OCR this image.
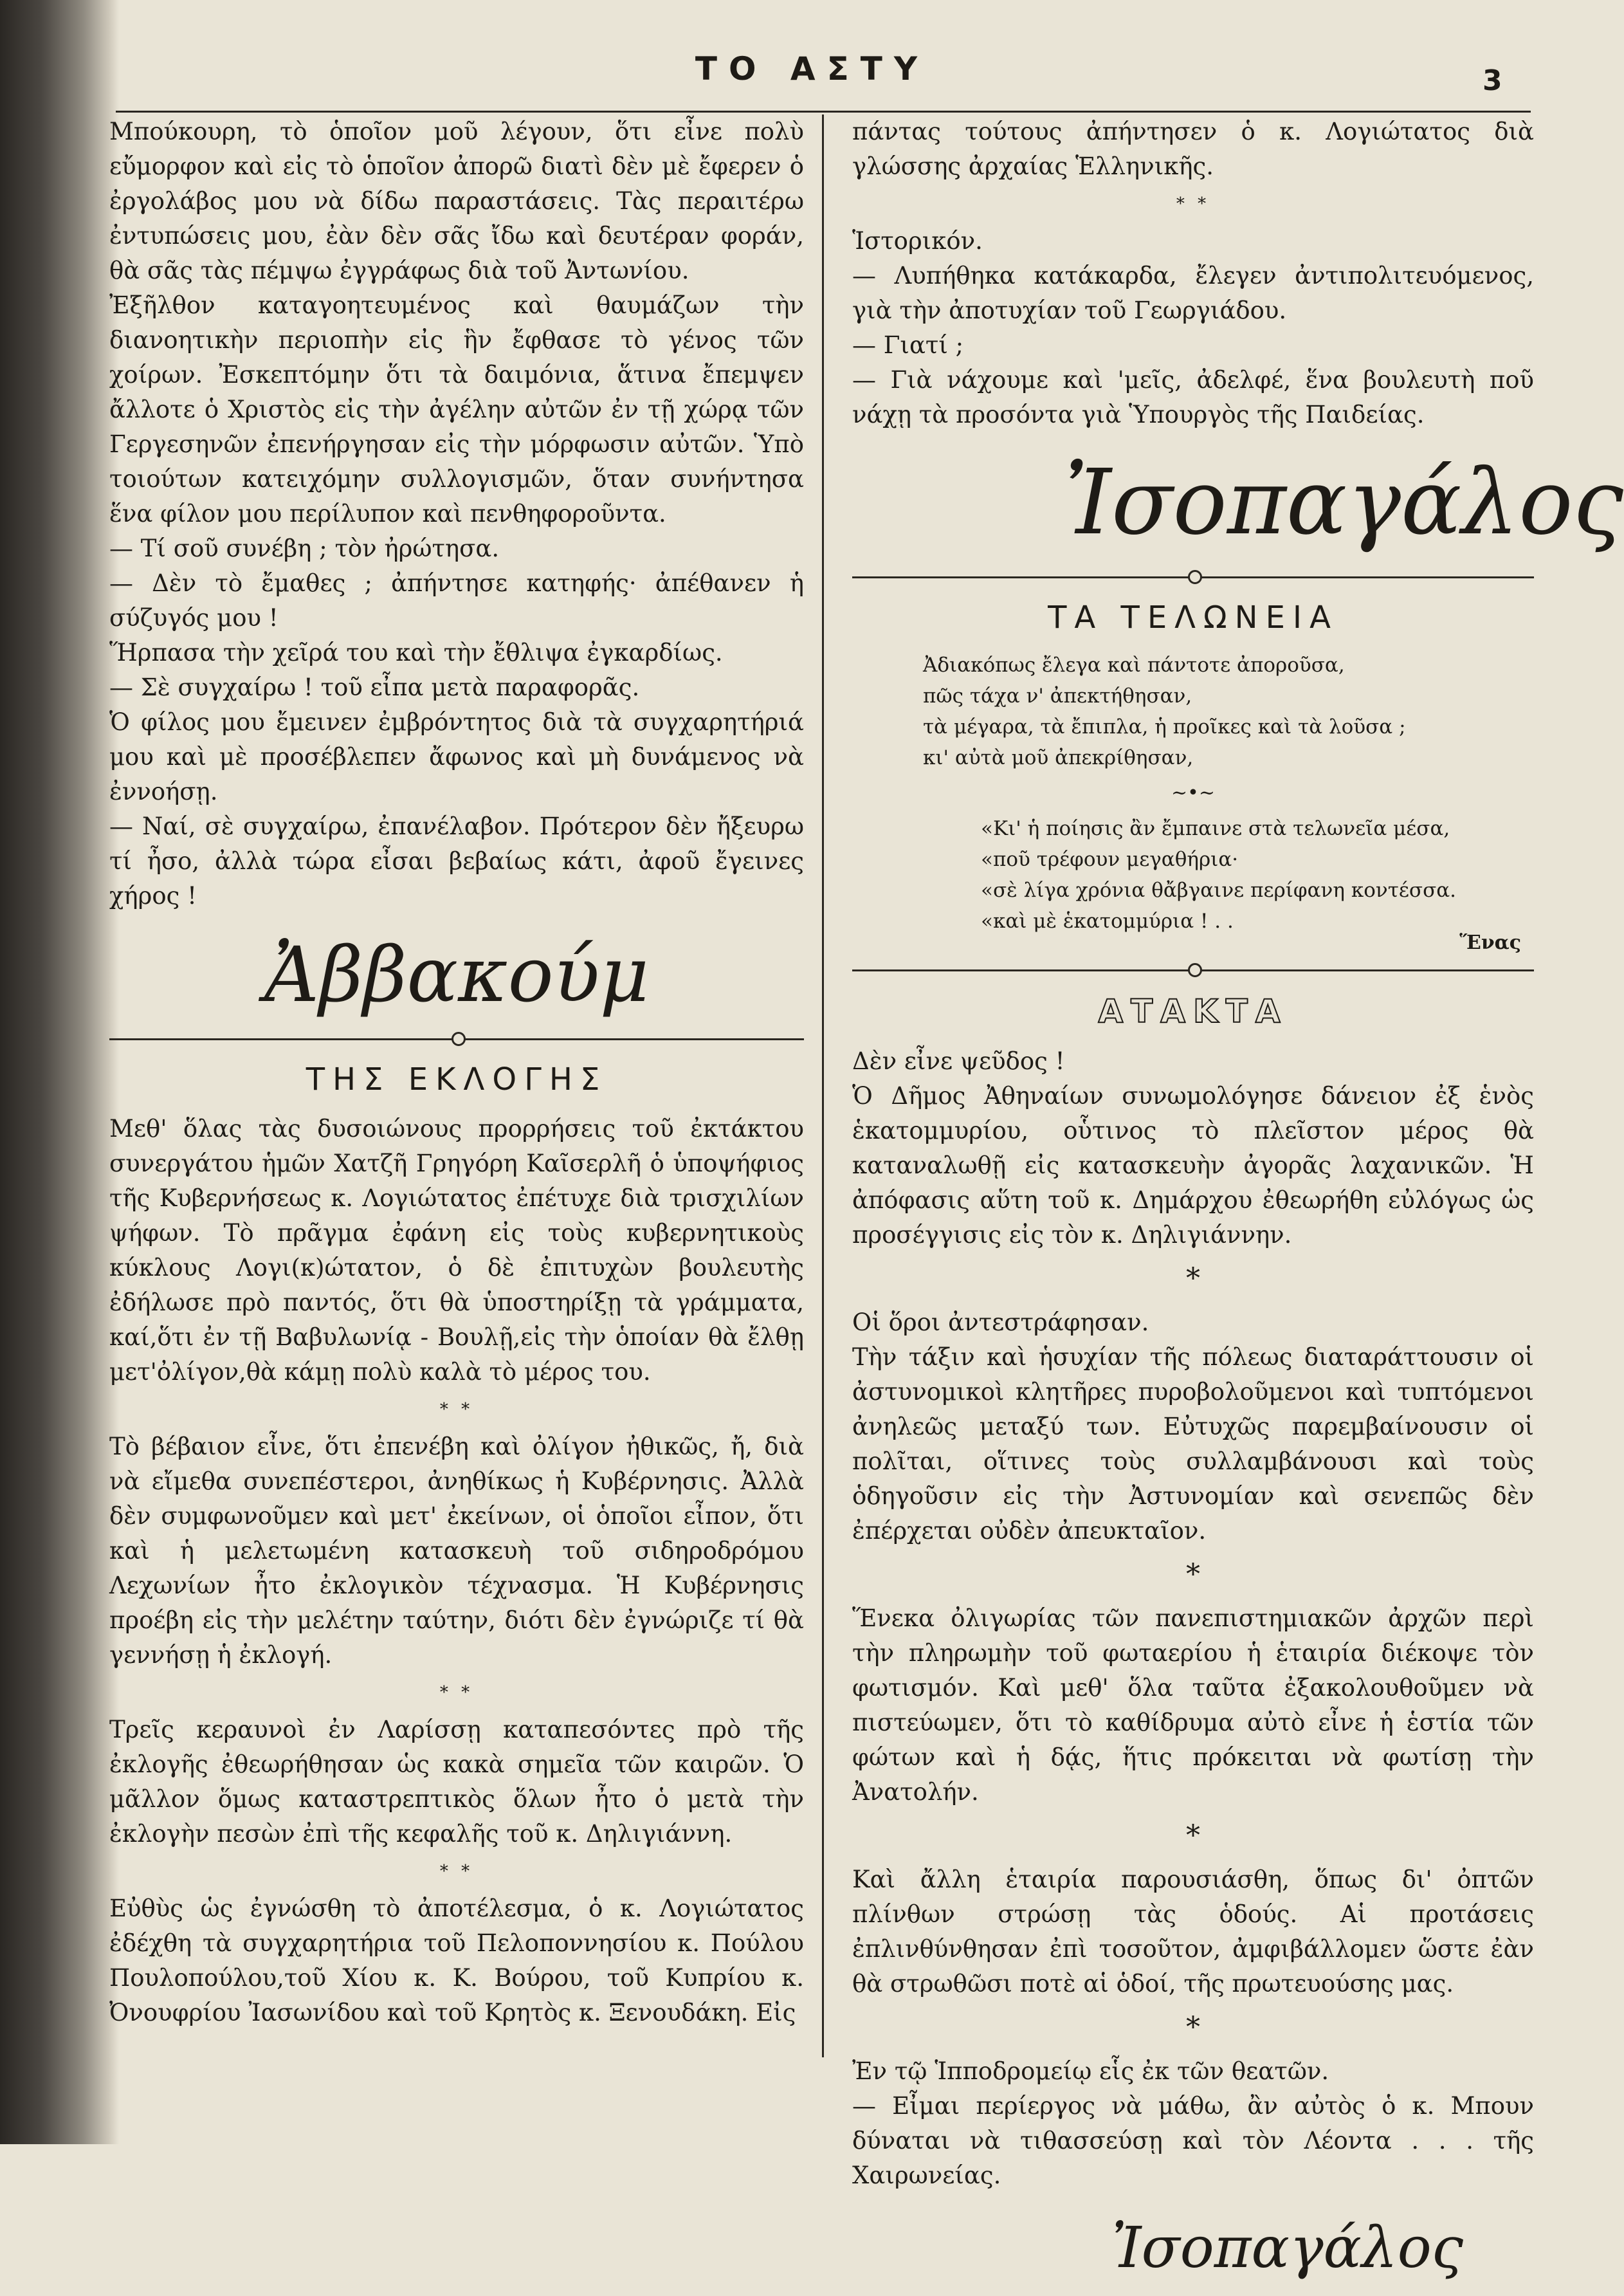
ΤΟ ΑΣΤΥ	3

Μπούκουρη, τὸ ὁποῖον μοῦ λέγουν, ὅτι εἶνε πολὺ εὔμορφον καὶ εἰς τὸ ὁποῖον ἀπορῶ διατὶ δὲν μὲ ἔφερεν ὁ ἐργολάβος μου νὰ δίδω παραστάσεις. Τὰς περαιτέρω ἐντυπώσεις μου, ἐὰν δὲν σᾶς ἴδω καὶ δευτέραν φοράν, θὰ σᾶς τὰς πέμψω ἐγγράφως διὰ τοῦ Ἀντωνίου.

Ἐξῆλθον καταγοητευμένος καὶ θαυμάζων τὴν διανοητικὴν περιοπὴν εἰς ἣν ἔφθασε τὸ γένος τῶν χοίρων. Ἐσκεπτόμην ὅτι τὰ δαιμόνια, ἅτινα ἔπεμψεν ἄλλοτε ὁ Χριστὸς εἰς τὴν ἀγέλην αὐτῶν ἐν τῇ χώρᾳ τῶν Γεργεσηνῶν ἐπενήργησαν εἰς τὴν μόρφωσιν αὐτῶν. Ὑπὸ τοιούτων κατειχόμην συλλογισμῶν, ὅταν συνήντησα ἕνα φίλον μου περίλυπον καὶ πενθηφοροῦντα.

— Τί σοῦ συνέβη ; τὸν ἠρώτησα.

— Δὲν τὸ ἔμαθες ; ἀπήντησε κατηφής· ἀπέθανεν ἡ σύζυγός μου !

Ἥρπασα τὴν χεῖρά του καὶ τὴν ἔθλιψα ἐγκαρδίως.

— Σὲ συγχαίρω ! τοῦ εἶπα μετὰ παραφορᾶς.

Ὁ φίλος μου ἔμεινεν ἐμβρόντητος διὰ τὰ συγχαρητήριά μου καὶ μὲ προσέβλεπεν ἄφωνος καὶ μὴ δυνάμενος νὰ ἐννοήσῃ.

— Ναί, σὲ συγχαίρω, ἐπανέλαβον. Πρότερον δὲν ἤξευρω τί ἦσο, ἀλλὰ τώρα εἶσαι βεβαίως κάτι, ἀφοῦ ἔγεινες χήρος !

Ἀββακούμ
ΤΗΣ ΕΚΛΟΓΗΣ

Μεθ' ὅλας τὰς δυσοιώνους προρρήσεις τοῦ ἐκτάκτου συνεργάτου ἡμῶν Χατζῆ Γρηγόρη Καῖσερλῆ ὁ ὑποψήφιος τῆς Κυβερνήσεως κ. Λογιώτατος ἐπέτυχε διὰ τρισχιλίων ψήφων. Τὸ πρᾶγμα ἐφάνη εἰς τοὺς κυβερνητικοὺς κύκλους Λογι(κ)ώτατον, ὁ δὲ ἐπιτυχὼν βουλευτὴς ἐδήλωσε πρὸ παντός, ὅτι θὰ ὑποστηρίξῃ τὰ γράμματα, καί,ὅτι ἐν τῇ Βαβυλωνίᾳ - Βουλῇ,εἰς τὴν ὁποίαν θὰ ἔλθῃ μετ'ὀλίγον,θὰ κάμῃ πολὺ καλὰ τὸ μέρος του.

* *

Τὸ βέβαιον εἶνε, ὅτι ἐπενέβη καὶ ὀλίγον ἠθικῶς, ἤ, διὰ νὰ εἴμεθα συνεπέστεροι, ἀνηθίκως ἡ Κυβέρνησις. Ἀλλὰ δὲν συμφωνοῦμεν καὶ μετ' ἐκείνων, οἱ ὁποῖοι εἶπον, ὅτι καὶ ἡ μελετωμένη κατασκευὴ τοῦ σιδηροδρόμου Λεχωνίων ἦτο ἐκλογικὸν τέχνασμα. Ἡ Κυβέρνησις προέβη εἰς τὴν μελέτην ταύτην, διότι δὲν ἐγνώριζε τί θὰ γεννήσῃ ἡ ἐκλογή.

* *

Τρεῖς κεραυνοὶ ἐν Λαρίσσῃ καταπεσόντες πρὸ τῆς ἐκλογῆς ἐθεωρήθησαν ὡς κακὰ σημεῖα τῶν καιρῶν. Ὁ μᾶλλον ὅμως καταστρεπτικὸς ὅλων ἦτο ὁ μετὰ τὴν ἐκλογὴν πεσὼν ἐπὶ τῆς κεφαλῆς τοῦ κ. Δηλιγιάννη.

* *

Εὐθὺς ὡς ἐγνώσθη τὸ ἀποτέλεσμα, ὁ κ. Λογιώτατος ἐδέχθη τὰ συγχαρητήρια τοῦ Πελοποννησίου κ. Πούλου Πουλοπούλου,τοῦ Χίου κ. Κ. Βούρου, τοῦ Κυπρίου κ. Ὀνουφρίου Ἰασωνίδου καὶ τοῦ Κρητὸς κ. Ξενουδάκη. Εἰς

πάντας τούτους ἀπήντησεν ὁ κ. Λογιώτατος διὰ γλώσσης ἀρχαίας Ἑλληνικῆς.

* *

Ἱστορικόν.

— Λυπήθηκα κατάκαρδα, ἔλεγεν ἀντιπολιτευόμενος, γιὰ τὴν ἀποτυχίαν τοῦ Γεωργιάδου.

— Γιατί ;

— Γιὰ νάχουμε καὶ 'μεῖς, ἀδελφέ, ἕνα βουλευτὴ ποῦ νάχῃ τὰ προσόντα γιὰ Ὑπουργὸς τῆς Παιδείας.

Ἰσοπαγάλος
ΤΑ ΤΕΛΩΝΕΙΑ

Ἀδιακόπως ἔλεγα καὶ πάντοτε ἀποροῦσα,
πῶς τάχα ν' ἀπεκτήθησαν,
τὰ μέγαρα, τὰ ἔπιπλα, ἡ προῖκες καὶ τὰ λοῦσα ;
κι' αὐτὰ μοῦ ἀπεκρίθησαν,

~•~

«Κι' ἡ ποίησις ἂν ἔμπαινε στὰ τελωνεῖα μέσα,
«ποῦ τρέφουν μεγαθήρια·
«σὲ λίγα χρόνια θἄβγαινε περίφανη κοντέσσα.
«καὶ μὲ ἑκατομμύρια ! . .

Ἕνας
ΑΤΑΚΤΑ

Δὲν εἶνε ψεῦδος !

Ὁ Δῆμος Ἀθηναίων συνωμολόγησε δάνειον ἐξ ἑνὸς ἑκατομμυρίου, οὗτινος τὸ πλεῖστον μέρος θὰ καταναλωθῇ εἰς κατασκευὴν ἀγορᾶς λαχανικῶν. Ἡ ἀπόφασις αὕτη τοῦ κ. Δημάρχου ἐθεωρήθη εὐλόγως ὡς προσέγγισις εἰς τὸν κ. Δηλιγιάννην.

*

Οἱ ὅροι ἀντεστράφησαν.

Τὴν τάξιν καὶ ἡσυχίαν τῆς πόλεως διαταράττουσιν οἱ ἀστυνομικοὶ κλητῆρες πυροβολοῦμενοι καὶ τυπτόμενοι ἀνηλεῶς μεταξύ των. Εὐτυχῶς παρεμβαίνουσιν οἱ πολῖται, οἵτινες τοὺς συλλαμβάνουσι καὶ τοὺς ὁδηγοῦσιν εἰς τὴν Ἀστυνομίαν καὶ σενεπῶς δὲν ἐπέρχεται οὐδὲν ἀπευκταῖον.

*

Ἕνεκα ὀλιγωρίας τῶν πανεπιστημιακῶν ἀρχῶν περὶ τὴν πληρωμὴν τοῦ φωταερίου ἡ ἑταιρία διέκοψε τὸν φωτισμόν. Καὶ μεθ' ὅλα ταῦτα ἐξακολουθοῦμεν νὰ πιστεύωμεν, ὅτι τὸ καθίδρυμα αὐτὸ εἶνε ἡ ἑστία τῶν φώτων καὶ ἡ δᾴς, ἥτις πρόκειται νὰ φωτίσῃ τὴν Ἀνατολήν.

*

Καὶ ἄλλη ἑταιρία παρουσιάσθη, ὅπως δι' ὀπτῶν πλίνθων στρώσῃ τὰς ὁδούς. Αἱ προτάσεις ἐπλινθύνθησαν ἐπὶ τοσοῦτον, ἀμφιβάλλομεν ὥστε ἐὰν θὰ στρωθῶσι ποτὲ αἱ ὁδοί, τῆς πρωτευούσης μας.

*

Ἐν τῷ Ἱπποδρομείῳ εἷς ἐκ τῶν θεατῶν.

— Εἶμαι περίεργος νὰ μάθω, ἂν αὐτὸς ὁ κ. Μπουν δύναται νὰ τιθασσεύσῃ καὶ τὸν Λέοντα . . . τῆς Χαιρωνείας.

Ἰσοπαγάλος
